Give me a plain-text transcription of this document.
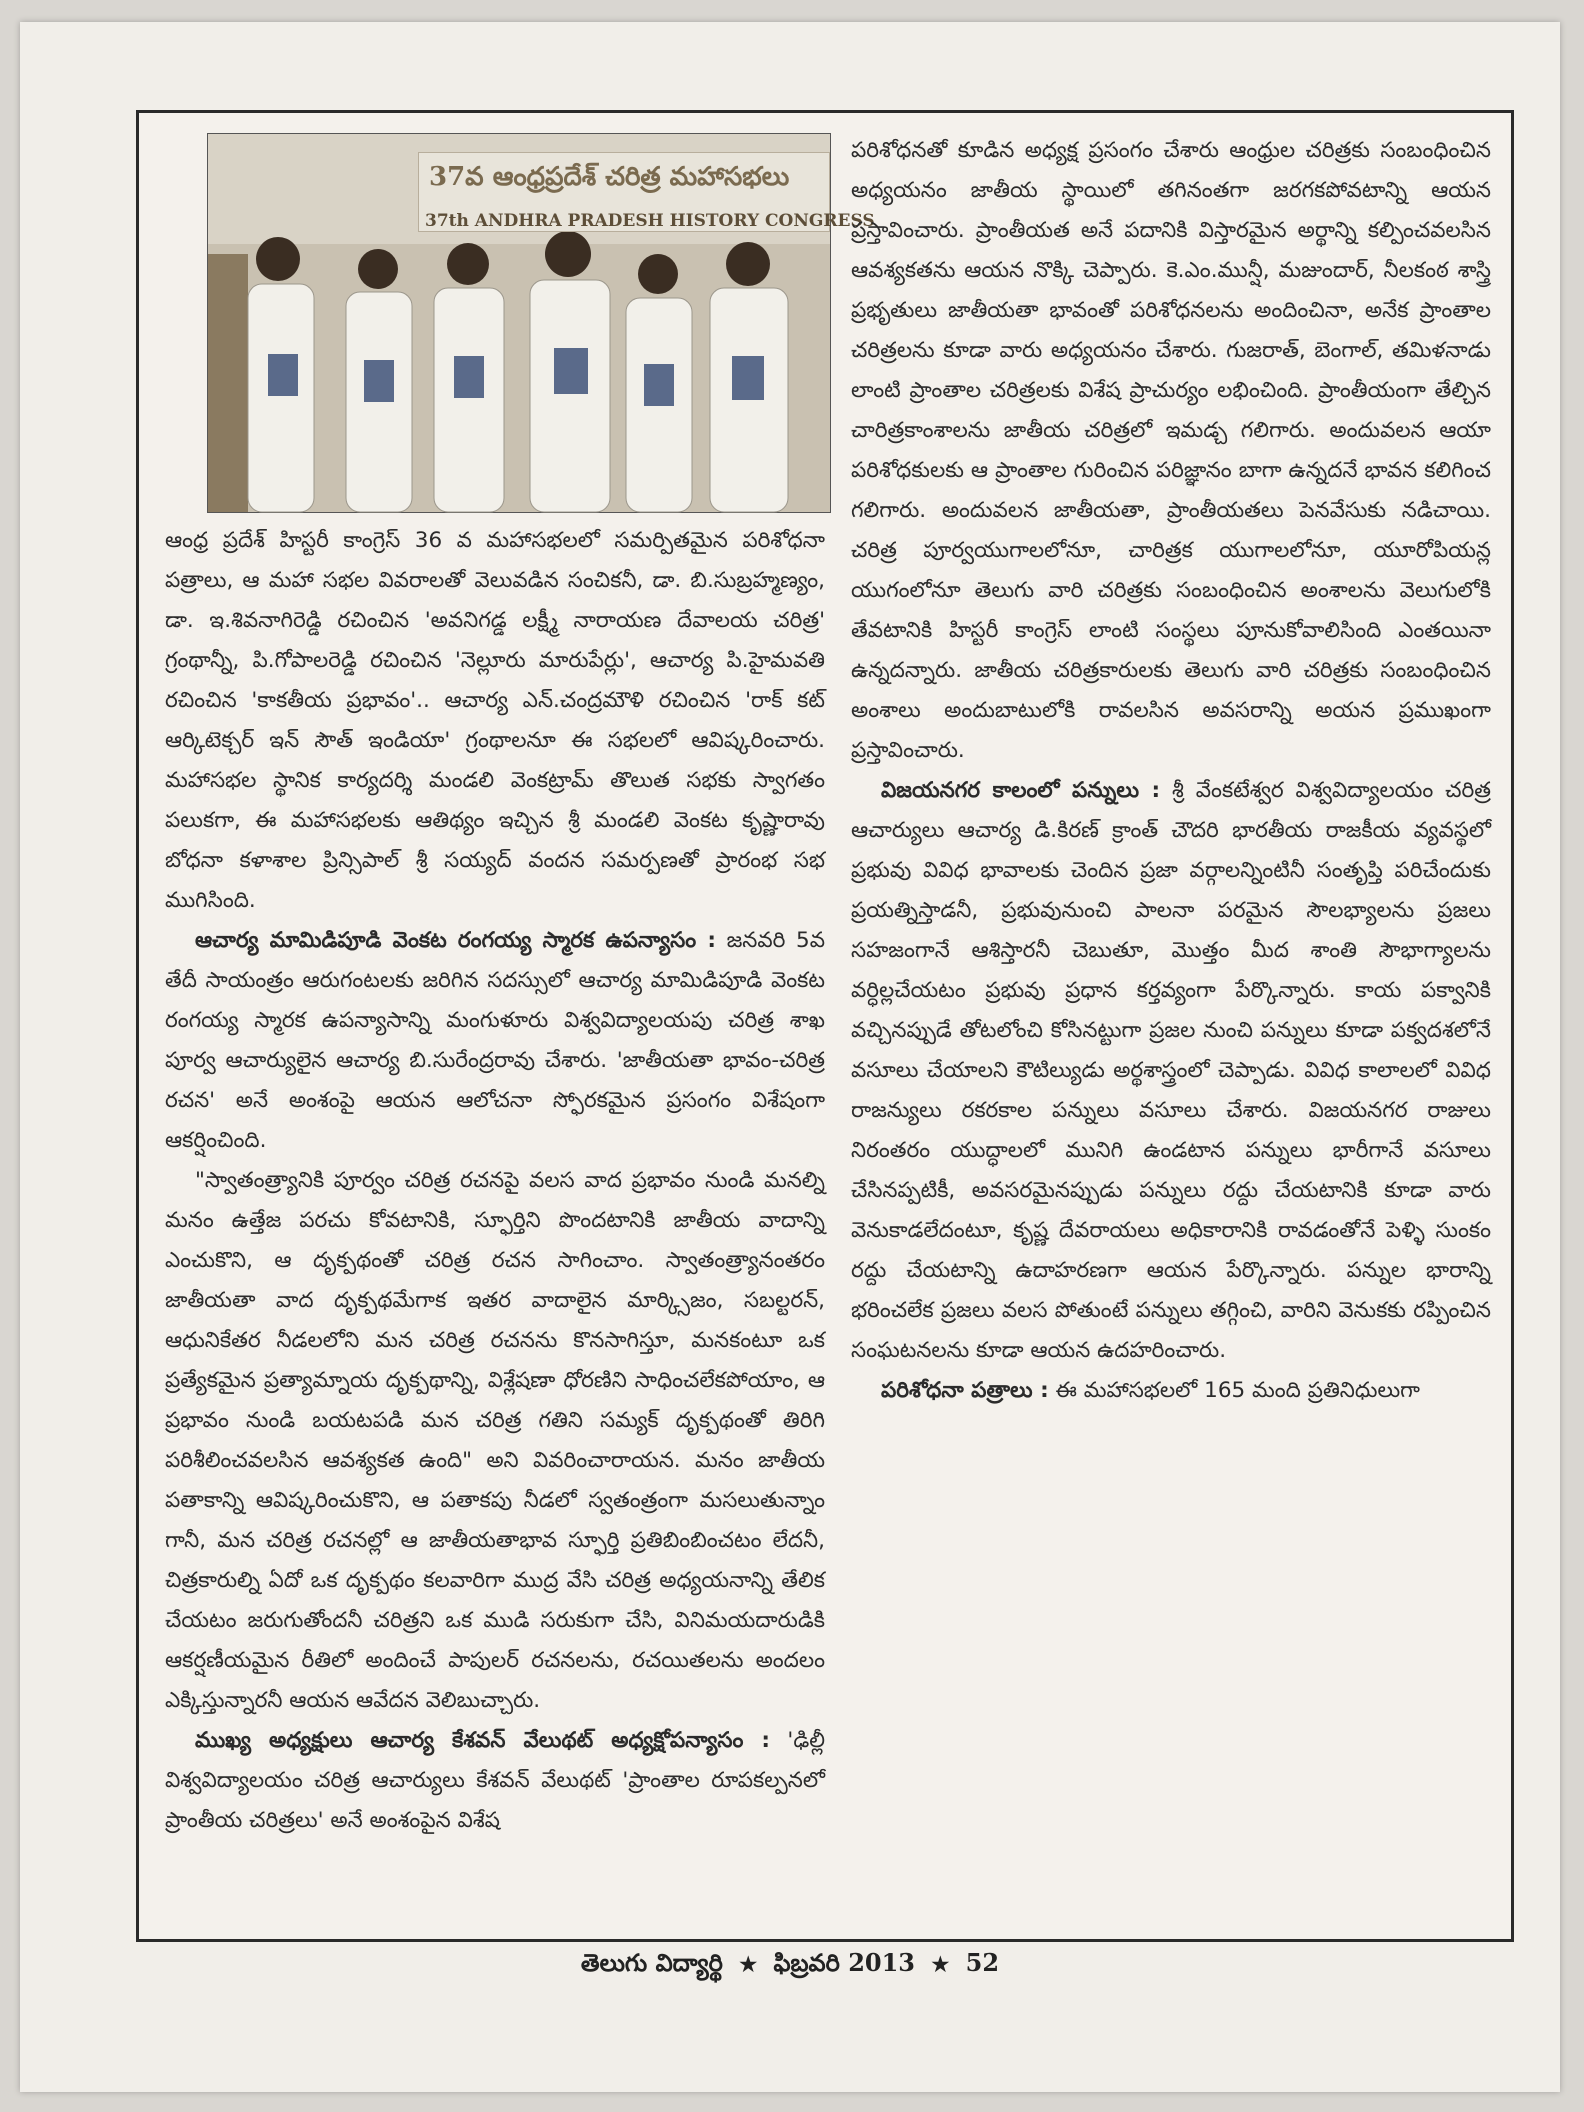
37వ ఆంధ్రప్రదేశ్ చరిత్ర మహాసభలు
37th ANDHRA PRADESH HISTORY CONGRESS

ఆంధ్ర ప్రదేశ్ హిస్టరీ కాంగ్రెస్ 36 వ మహాసభలలో సమర్పితమైన పరిశోధనా పత్రాలు, ఆ మహా సభల వివరాలతో వెలువడిన సంచికనీ, డా. బి.సుబ్రహ్మణ్యం, డా. ఇ.శివనాగిరెడ్డి రచించిన 'అవనిగడ్డ లక్ష్మీ నారాయణ దేవాలయ చరిత్ర' గ్రంథాన్నీ, పి.గోపాలరెడ్డి రచించిన 'నెల్లూరు మారుపేర్లు', ఆచార్య పి.హైమవతి రచించిన 'కాకతీయ ప్రభావం'.. ఆచార్య ఎన్.చంద్రమౌళి రచించిన 'రాక్ కట్ ఆర్కిటెక్చర్ ఇన్ సౌత్ ఇండియా' గ్రంథాలనూ ఈ సభలలో ఆవిష్కరించారు. మహాసభల స్థానిక కార్యదర్శి మండలి వెంకట్రామ్ తొలుత సభకు స్వాగతం పలుకగా, ఈ మహాసభలకు ఆతిథ్యం ఇచ్చిన శ్రీ మండలి వెంకట కృష్ణారావు బోధనా కళాశాల ప్రిన్సిపాల్ శ్రీ సయ్యద్ వందన సమర్పణతో ప్రారంభ సభ ముగిసింది.

ఆచార్య మామిడిపూడి వెంకట రంగయ్య స్మారక ఉపన్యాసం : జనవరి 5వ తేదీ సాయంత్రం ఆరుగంటలకు జరిగిన సదస్సులో ఆచార్య మామిడిపూడి వెంకట రంగయ్య స్మారక ఉపన్యాసాన్ని మంగుళూరు విశ్వవిద్యాలయపు చరిత్ర శాఖ పూర్వ ఆచార్యులైన ఆచార్య బి.సురేంద్రరావు చేశారు. 'జాతీయతా భావం-చరిత్ర రచన' అనే అంశంపై ఆయన ఆలోచనా స్ఫోరకమైన ప్రసంగం విశేషంగా ఆకర్షించింది.

"స్వాతంత్ర్యానికి పూర్వం చరిత్ర రచనపై వలస వాద ప్రభావం నుండి మనల్ని మనం ఉత్తేజ పరచు కోవటానికి, స్ఫూర్తిని పొందటానికి జాతీయ వాదాన్ని ఎంచుకొని, ఆ దృక్పథంతో చరిత్ర రచన సాగించాం. స్వాతంత్ర్యానంతరం జాతీయతా వాద దృక్పథమేగాక ఇతర వాదాలైన మార్క్సిజం, సబల్టరన్, ఆధునికేతర నీడలలోని మన చరిత్ర రచనను కొనసాగిస్తూ, మనకంటూ ఒక ప్రత్యేకమైన ప్రత్యామ్నాయ దృక్పథాన్ని, విశ్లేషణా ధోరణిని సాధించలేకపోయాం, ఆ ప్రభావం నుండి బయటపడి మన చరిత్ర గతిని సమ్యక్ దృక్పథంతో తిరిగి పరిశీలించవలసిన ఆవశ్యకత ఉంది" అని వివరించారాయన. మనం జాతీయ పతాకాన్ని ఆవిష్కరించుకొని, ఆ పతాకపు నీడలో స్వతంత్రంగా మసలుతున్నాం గానీ, మన చరిత్ర రచనల్లో ఆ జాతీయతాభావ స్ఫూర్తి ప్రతిబింబించటం లేదనీ, చిత్రకారుల్ని ఏదో ఒక దృక్పథం కలవారిగా ముద్ర వేసి చరిత్ర అధ్యయనాన్ని తేలిక చేయటం జరుగుతోందనీ చరిత్రని ఒక ముడి సరుకుగా చేసి, వినిమయదారుడికి ఆకర్షణీయమైన రీతిలో అందించే పాపులర్ రచనలను, రచయితలను అందలం ఎక్కిస్తున్నారనీ ఆయన ఆవేదన వెలిబుచ్చారు.

ముఖ్య అధ్యక్షులు ఆచార్య కేశవన్ వేలుథట్ అధ్యక్షోపన్యాసం : 'ఢిల్లీ విశ్వవిద్యాలయం చరిత్ర ఆచార్యులు కేశవన్ వేలుథట్ 'ప్రాంతాల రూపకల్పనలో ప్రాంతీయ చరిత్రలు' అనే అంశంపైన విశేష

పరిశోధనతో కూడిన అధ్యక్ష ప్రసంగం చేశారు ఆంధ్రుల చరిత్రకు సంబంధించిన అధ్యయనం జాతీయ స్థాయిలో తగినంతగా జరగకపోవటాన్ని ఆయన ప్రస్తావించారు. ప్రాంతీయత అనే పదానికి విస్తారమైన అర్థాన్ని కల్పించవలసిన ఆవశ్యకతను ఆయన నొక్కి చెప్పారు. కె.ఎం.మున్షీ, మజుందార్, నీలకంఠ శాస్త్రి ప్రభృతులు జాతీయతా భావంతో పరిశోధనలను అందించినా, అనేక ప్రాంతాల చరిత్రలను కూడా వారు అధ్యయనం చేశారు. గుజరాత్, బెంగాల్, తమిళనాడు లాంటి ప్రాంతాల చరిత్రలకు విశేష ప్రాచుర్యం లభించింది. ప్రాంతీయంగా తేల్చిన చారిత్రకాంశాలను జాతీయ చరిత్రలో ఇమడ్చ గలిగారు. అందువలన ఆయా పరిశోధకులకు ఆ ప్రాంతాల గురించిన పరిజ్ఞానం బాగా ఉన్నదనే భావన కలిగించ గలిగారు. అందువలన జాతీయతా, ప్రాంతీయతలు పెనవేసుకు నడిచాయి. చరిత్ర పూర్వయుగాలలోనూ, చారిత్రక యుగాలలోనూ, యూరోపియన్ల యుగంలోనూ తెలుగు వారి చరిత్రకు సంబంధించిన అంశాలను వెలుగులోకి తేవటానికి హిస్టరీ కాంగ్రెస్ లాంటి సంస్థలు పూనుకోవాలిసింది ఎంతయినా ఉన్నదన్నారు. జాతీయ చరిత్రకారులకు తెలుగు వారి చరిత్రకు సంబంధించిన అంశాలు అందుబాటులోకి రావలసిన అవసరాన్ని అయన ప్రముఖంగా ప్రస్తావించారు.

విజయనగర కాలంలో పన్నులు : శ్రీ వేంకటేశ్వర విశ్వవిద్యాలయం చరిత్ర ఆచార్యులు ఆచార్య డి.కిరణ్ క్రాంత్ చౌదరి భారతీయ రాజకీయ వ్యవస్థలో ప్రభువు వివిధ భావాలకు చెందిన ప్రజా వర్గాలన్నింటినీ సంతృప్తి పరిచేందుకు ప్రయత్నిస్తాడనీ, ప్రభువునుంచి పాలనా పరమైన సౌలభ్యాలను ప్రజలు సహజంగానే ఆశిస్తారనీ చెబుతూ, మొత్తం మీద శాంతి సౌభాగ్యాలను వర్ధిల్లచేయటం ప్రభువు ప్రధాన కర్తవ్యంగా పేర్కొన్నారు. కాయ పక్వానికి వచ్చినప్పుడే తోటలోంచి కోసినట్టుగా ప్రజల నుంచి పన్నులు కూడా పక్వదశలోనే వసూలు చేయాలని కౌటిల్యుడు అర్థశాస్త్రంలో చెప్పాడు. వివిధ కాలాలలో వివిధ రాజన్యులు రకరకాల పన్నులు వసూలు చేశారు. విజయనగర రాజులు నిరంతరం యుద్ధాలలో మునిగి ఉండటాన పన్నులు భారీగానే వసూలు చేసినప్పటికీ, అవసరమైనప్పుడు పన్నులు రద్దు చేయటానికి కూడా వారు వెనుకాడలేదంటూ, కృష్ణ దేవరాయలు అధికారానికి రావడంతోనే పెళ్ళి సుంకం రద్దు చేయటాన్ని ఉదాహరణగా ఆయన పేర్కొన్నారు. పన్నుల భారాన్ని భరించలేక ప్రజలు వలస పోతుంటే పన్నులు తగ్గించి, వారిని వెనుకకు రప్పించిన సంఘటనలను కూడా ఆయన ఉదహరించారు.

పరిశోధనా పత్రాలు : ఈ మహాసభలలో 165 మంది ప్రతినిధులుగా

తెలుగు విద్యార్థి ★ ఫిబ్రవరి 2013 ★ 52
